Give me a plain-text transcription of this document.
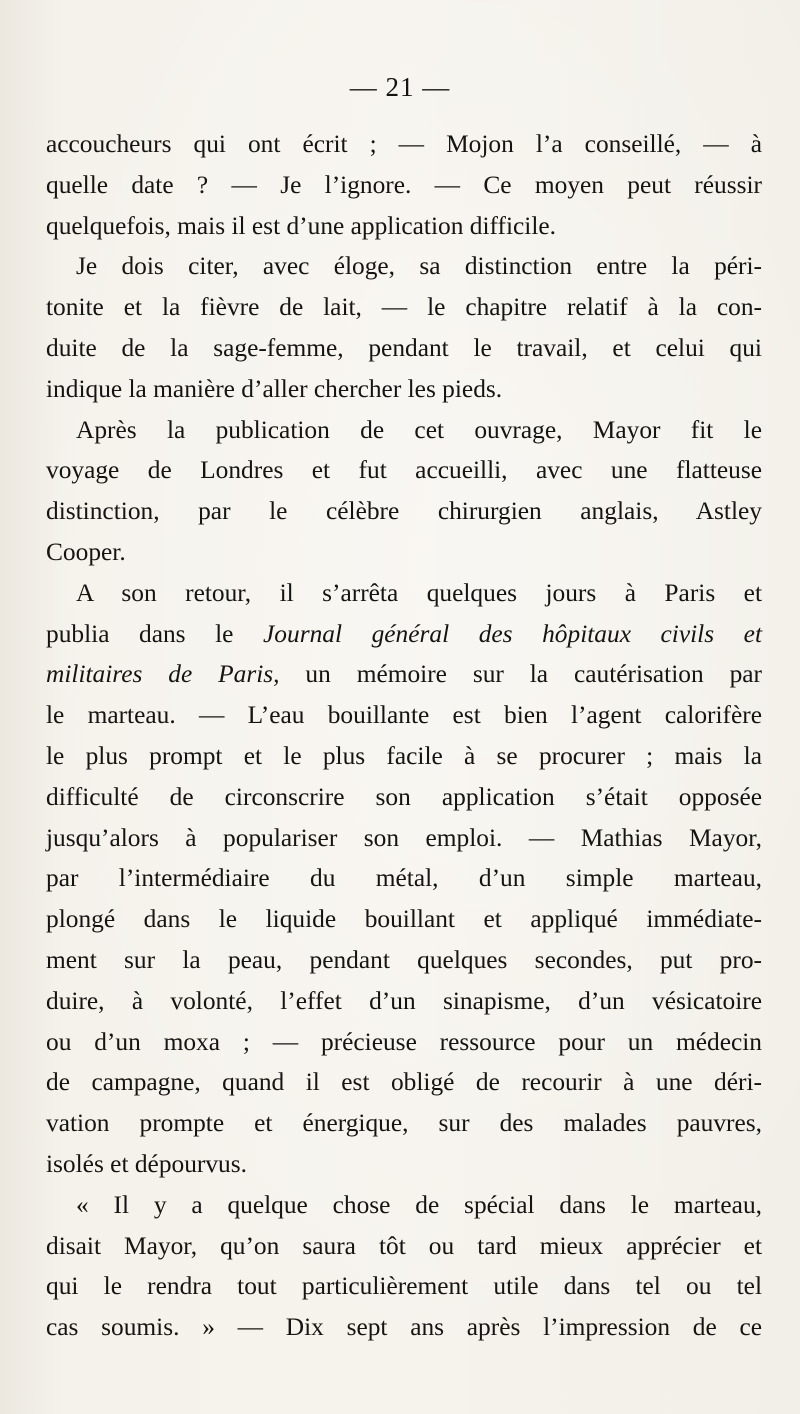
— 21 —
accoucheurs qui ont écrit ; — Mojon l’a conseillé, — à
quelle date ? — Je l’ignore. — Ce moyen peut réussir
quelquefois, mais il est d’une application difficile.
Je dois citer, avec éloge, sa distinction entre la péri-
tonite et la fièvre de lait, — le chapitre relatif à la con-
duite de la sage-femme, pendant le travail, et celui qui
indique la manière d’aller chercher les pieds.
Après la publication de cet ouvrage, Mayor fit le
voyage de Londres et fut accueilli, avec une flatteuse
distinction, par le célèbre chirurgien anglais, Astley
Cooper.
A son retour, il s’arrêta quelques jours à Paris et
publia dans le Journal général des hôpitaux civils et
militaires de Paris, un mémoire sur la cautérisation par
le marteau. — L’eau bouillante est bien l’agent calorifère
le plus prompt et le plus facile à se procurer ; mais la
difficulté de circonscrire son application s’était opposée
jusqu’alors à populariser son emploi. — Mathias Mayor,
par l’intermédiaire du métal, d’un simple marteau,
plongé dans le liquide bouillant et appliqué immédiate-
ment sur la peau, pendant quelques secondes, put pro-
duire, à volonté, l’effet d’un sinapisme, d’un vésicatoire
ou d’un moxa ; — précieuse ressource pour un médecin
de campagne, quand il est obligé de recourir à une déri-
vation prompte et énergique, sur des malades pauvres,
isolés et dépourvus.
« Il y a quelque chose de spécial dans le marteau,
disait Mayor, qu’on saura tôt ou tard mieux apprécier et
qui le rendra tout particulièrement utile dans tel ou tel
cas soumis. » — Dix sept ans après l’impression de ce
